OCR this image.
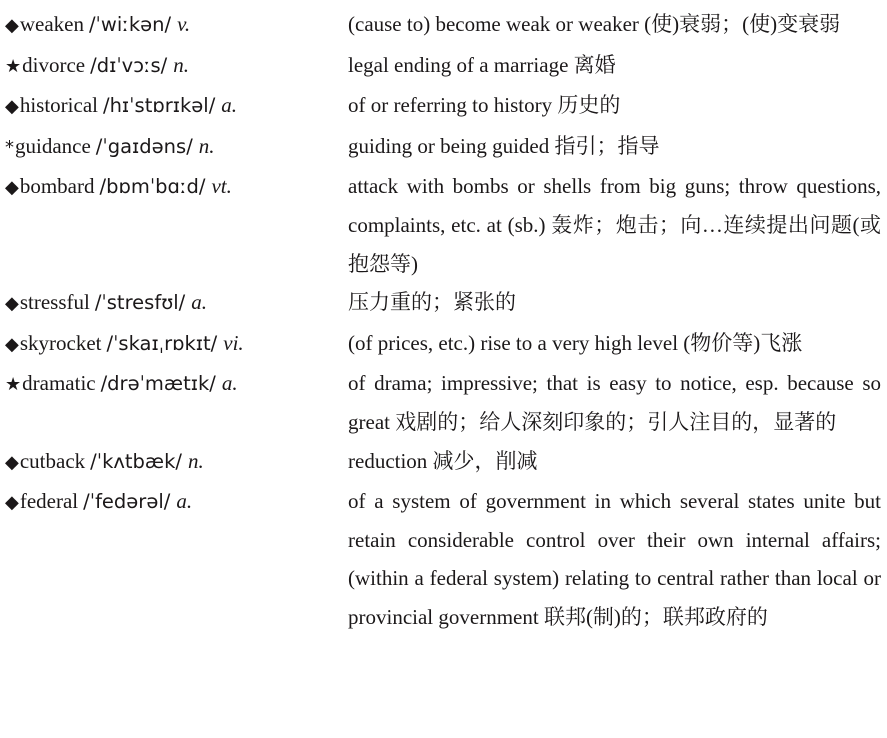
◆weaken /ˈwiːkən/ v.	(cause to) become weak or weaker (使)衰弱；(使)变衰弱
★divorce /dɪˈvɔːs/ n.	legal ending of a marriage 离婚
◆historical /hɪˈstɒrɪkəl/ a.	of or referring to history 历史的
*guidance /ˈgaɪdəns/ n.	guiding or being guided 指引；指导
◆bombard /bɒmˈbɑːd/ vt.	attack with bombs or shells from big guns; throw questions, complaints, etc. at (sb.) 轰炸；炮击；向…连续提出问题(或抱怨等)
◆stressful /ˈstresfʊl/ a.	压力重的；紧张的
◆skyrocket /ˈskaɪˌrɒkɪt/ vi.	(of prices, etc.) rise to a very high level (物价等)飞涨
★dramatic /drəˈmætɪk/ a.	of drama; impressive; that is easy to notice, esp. because so great 戏剧的；给人深刻印象的；引人注目的，显著的
◆cutback /ˈkʌtbæk/ n.	reduction 减少，削减
◆federal /ˈfedərəl/ a.	of a system of government in which several states unite but retain considerable control over their own internal affairs; (within a federal system) relating to central rather than local or provincial government 联邦(制)的；联邦政府的
